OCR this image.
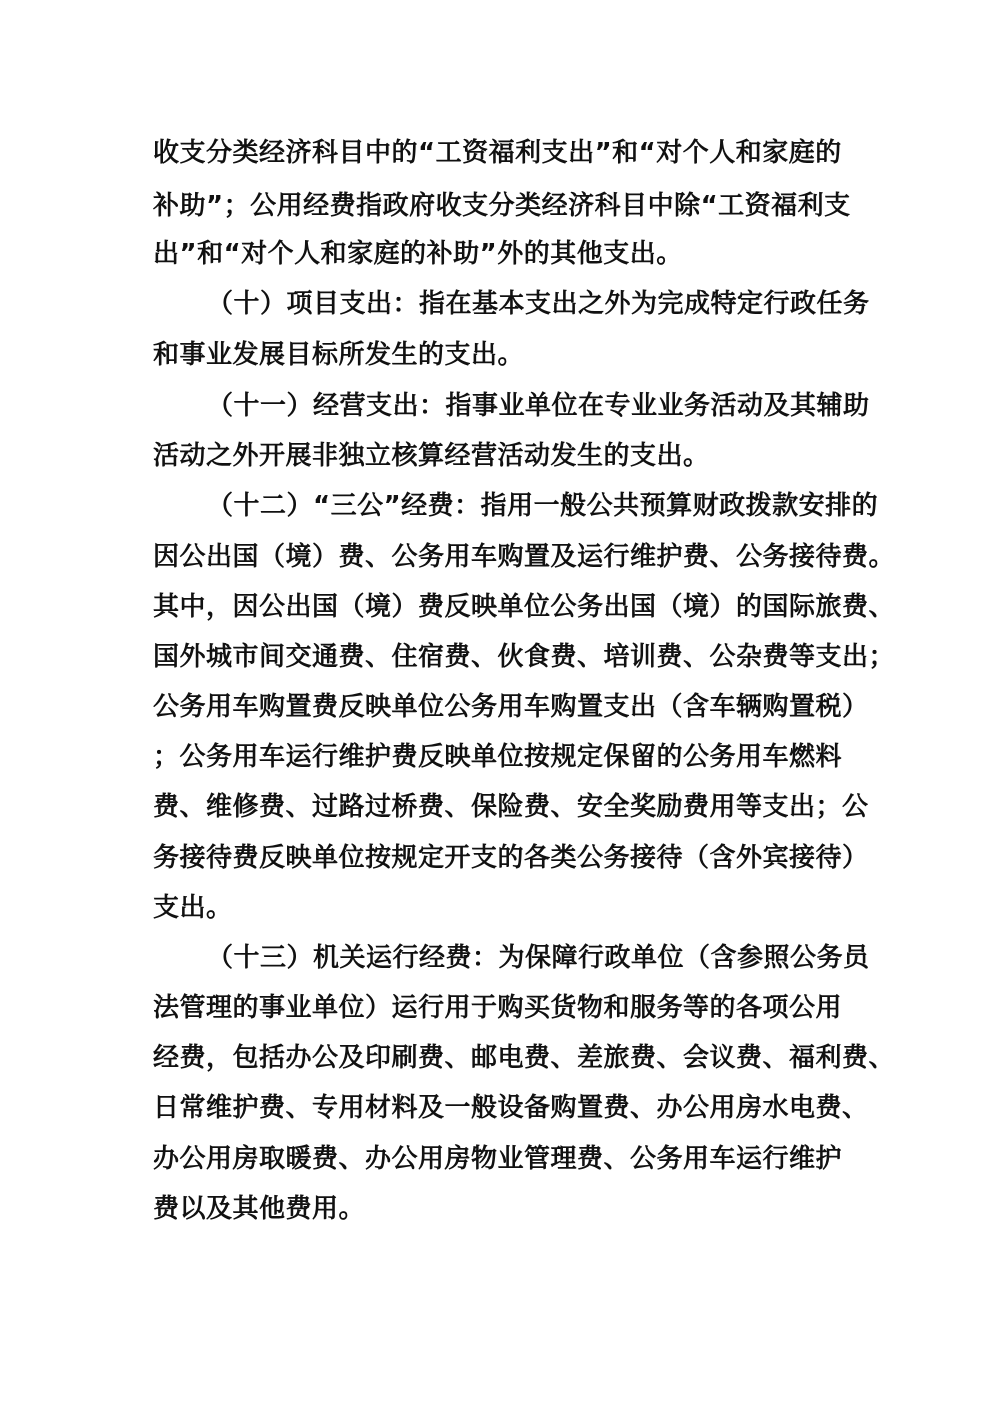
收支分类经济科目中的“工资福利支出”和“对个人和家庭的
补助”；公用经费指政府收支分类经济科目中除“工资福利支
出”和“对个人和家庭的补助”外的其他支出。
（十）项目支出：指在基本支出之外为完成特定行政任务
和事业发展目标所发生的支出。
（十一）经营支出：指事业单位在专业业务活动及其辅助
活动之外开展非独立核算经营活动发生的支出。
（十二）“三公”经费：指用一般公共预算财政拨款安排的
因公出国（境）费、公务用车购置及运行维护费、公务接待费。
其中，因公出国（境）费反映单位公务出国（境）的国际旅费、
国外城市间交通费、住宿费、伙食费、培训费、公杂费等支出；
公务用车购置费反映单位公务用车购置支出（含车辆购置税）
；公务用车运行维护费反映单位按规定保留的公务用车燃料
费、维修费、过路过桥费、保险费、安全奖励费用等支出；公
务接待费反映单位按规定开支的各类公务接待（含外宾接待）
支出。
（十三）机关运行经费：为保障行政单位（含参照公务员
法管理的事业单位）运行用于购买货物和服务等的各项公用
经费，包括办公及印刷费、邮电费、差旅费、会议费、福利费、
日常维护费、专用材料及一般设备购置费、办公用房水电费、
办公用房取暖费、办公用房物业管理费、公务用车运行维护
费以及其他费用。
